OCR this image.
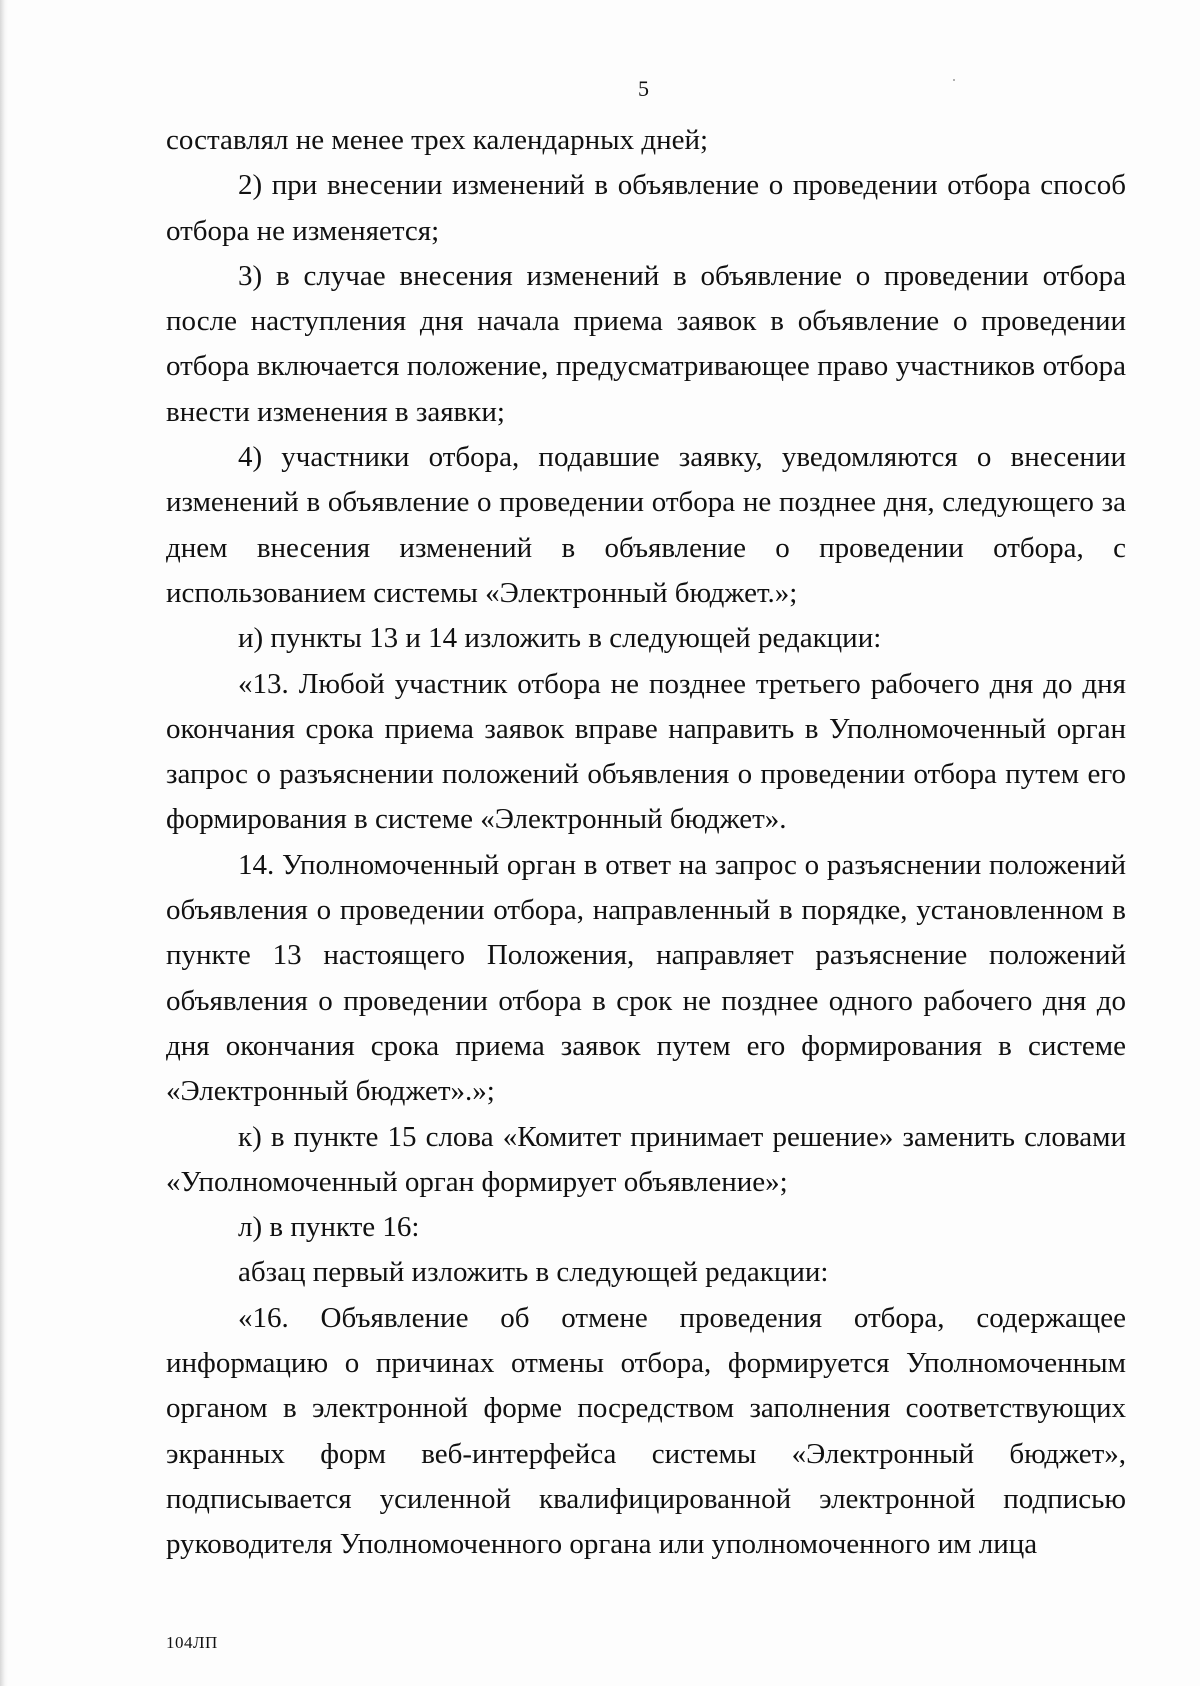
5

составлял не менее трех календарных дней;

2) при внесении изменений в объявление о проведении отбора способ отбора не изменяется;

3) в случае внесения изменений в объявление о проведении отбора после наступления дня начала приема заявок в объявление о проведении отбора включается положение, предусматривающее право участников отбора внести изменения в заявки;

4) участники отбора, подавшие заявку, уведомляются о внесении изменений в объявление о проведении отбора не позднее дня, следующего за днем внесения изменений в объявление о проведении отбора, с использованием системы «Электронный бюджет.»;

и) пункты 13 и 14 изложить в следующей редакции:

«13. Любой участник отбора не позднее третьего рабочего дня до дня окончания срока приема заявок вправе направить в Уполномоченный орган запрос о разъяснении положений объявления о проведении отбора путем его формирования в системе «Электронный бюджет».

14. Уполномоченный орган в ответ на запрос о разъяснении положений объявления о проведении отбора, направленный в порядке, установленном в пункте 13 настоящего Положения, направляет разъяснение положений объявления о проведении отбора в срок не позднее одного рабочего дня до дня окончания срока приема заявок путем его формирования в системе «Электронный бюджет».»;

к) в пункте 15 слова «Комитет принимает решение» заменить словами «Уполномоченный орган формирует объявление»;

л) в пункте 16:

абзац первый изложить в следующей редакции:

«16. Объявление об отмене проведения отбора, содержащее информацию о причинах отмены отбора, формируется Уполномоченным органом в электронной форме посредством заполнения соответствующих экранных форм веб-интерфейса системы «Электронный бюджет», подписывается усиленной квалифицированной электронной подписью руководителя Уполномоченного органа или уполномоченного им лица

104ЛП
